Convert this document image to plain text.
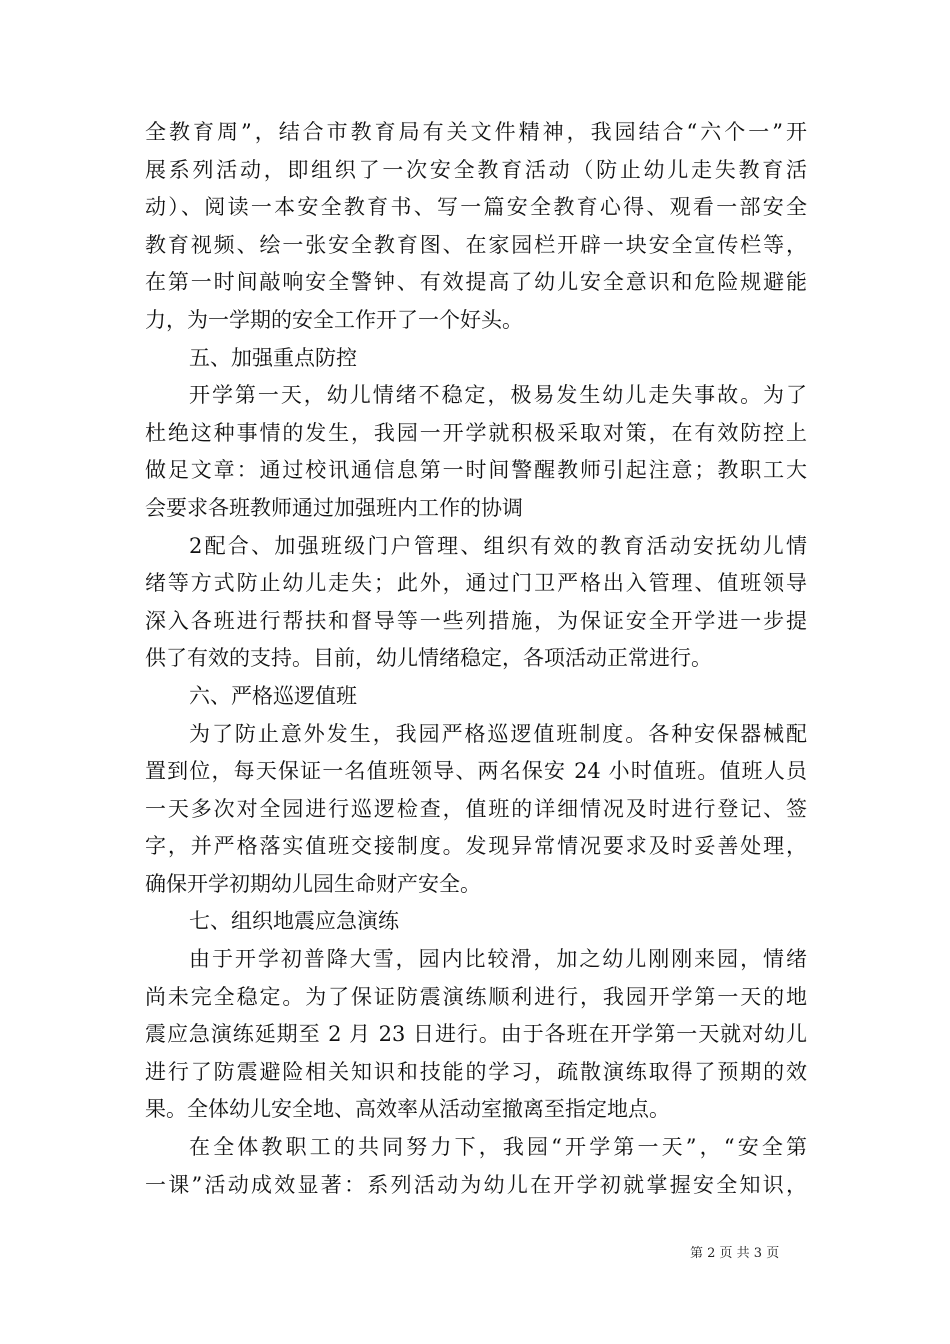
全教育周”，结合市教育局有关文件精神，我园结合“六个一”开
展系列活动，即组织了一次安全教育活动（防止幼儿走失教育活
动）、阅读一本安全教育书、写一篇安全教育心得、观看一部安全
教育视频、绘一张安全教育图、在家园栏开辟一块安全宣传栏等，
在第一时间敲响安全警钟、有效提高了幼儿安全意识和危险规避能
力，为一学期的安全工作开了一个好头。
五、加强重点防控
开学第一天，幼儿情绪不稳定，极易发生幼儿走失事故。为了
杜绝这种事情的发生，我园一开学就积极采取对策，在有效防控上
做足文章：通过校讯通信息第一时间警醒教师引起注意；教职工大
会要求各班教师通过加强班内工作的协调
2配合、加强班级门户管理、组织有效的教育活动安抚幼儿情
绪等方式防止幼儿走失；此外，通过门卫严格出入管理、值班领导
深入各班进行帮扶和督导等一些列措施，为保证安全开学进一步提
供了有效的支持。目前，幼儿情绪稳定，各项活动正常进行。
六、严格巡逻值班
为了防止意外发生，我园严格巡逻值班制度。各种安保器械配
置到位，每天保证一名值班领导、两名保安 24 小时值班。值班人员
一天多次对全园进行巡逻检查，值班的详细情况及时进行登记、签
字，并严格落实值班交接制度。发现异常情况要求及时妥善处理，
确保开学初期幼儿园生命财产安全。
七、组织地震应急演练
由于开学初普降大雪，园内比较滑，加之幼儿刚刚来园，情绪
尚未完全稳定。为了保证防震演练顺利进行，我园开学第一天的地
震应急演练延期至 2 月 23 日进行。由于各班在开学第一天就对幼儿
进行了防震避险相关知识和技能的学习，疏散演练取得了预期的效
果。全体幼儿安全地、高效率从活动室撤离至指定地点。
在全体教职工的共同努力下，我园“开学第一天”，“安全第
一课”活动成效显著：系列活动为幼儿在开学初就掌握安全知识，
第 2 页 共 3 页
